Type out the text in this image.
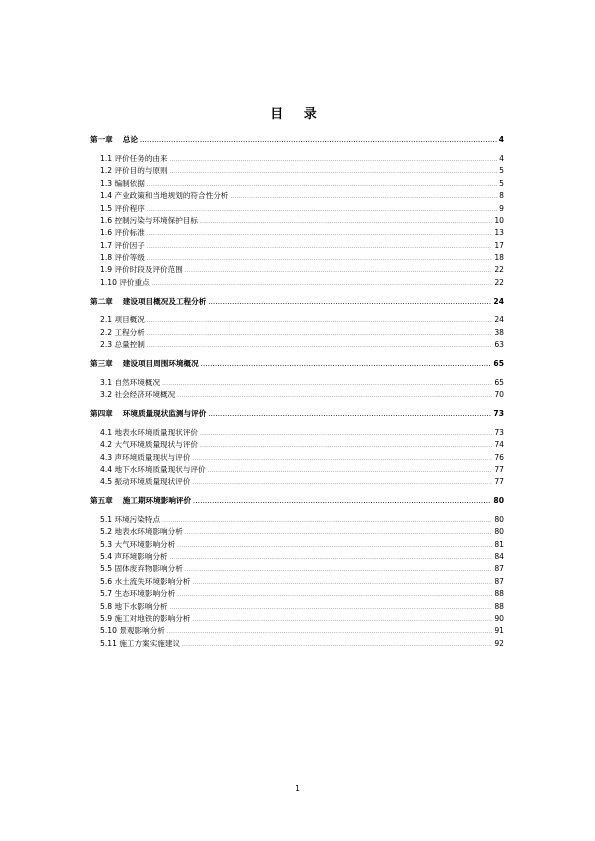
目 录
第一章 总论 .....	4
1.1 评价任务的由来 .....	4
1.2 评价目的与原则 .....	5
1.3 编制依据 .....	5
1.4 产业政策和当地规划的符合性分析 .....	8
1.5 评价程序 .....	9
1.6 控制污染与环境保护目标 .....	10
1.6 评价标准 .....	13
1.7 评价因子 .....	17
1.8 评价等级 .....	18
1.9 评价时段及评价范围 .....	22
1.10 评价重点 .....	22
第二章 建设项目概况及工程分析 .....	24
2.1 项目概况 .....	24
2.2 工程分析 .....	38
2.3 总量控制 .....	63
第三章 建设项目周围环境概况 .....	65
3.1 自然环境概况 .....	65
3.2 社会经济环境概况 .....	70
第四章 环境质量现状监测与评价 .....	73
4.1 地表水环境质量现状评价 .....	73
4.2 大气环境质量现状与评价 .....	74
4.3 声环境质量现状与评价 .....	76
4.4 地下水环境质量现状与评价 .....	77
4.5 振动环境质量现状评价 .....	77
第五章 施工期环境影响评价 .....	80
5.1 环境污染特点 .....	80
5.2 地表水环境影响分析 .....	80
5.3 大气环境影响分析 .....	81
5.4 声环境影响分析 .....	84
5.5 固体废弃物影响分析 .....	87
5.6 水土流失环境影响分析 .....	87
5.7 生态环境影响分析 .....	88
5.8 地下水影响分析 .....	88
5.9 施工对地铁的影响分析 .....	90
5.10 景观影响分析 .....	91
5.11 施工方案实施建议 .....	92
1
